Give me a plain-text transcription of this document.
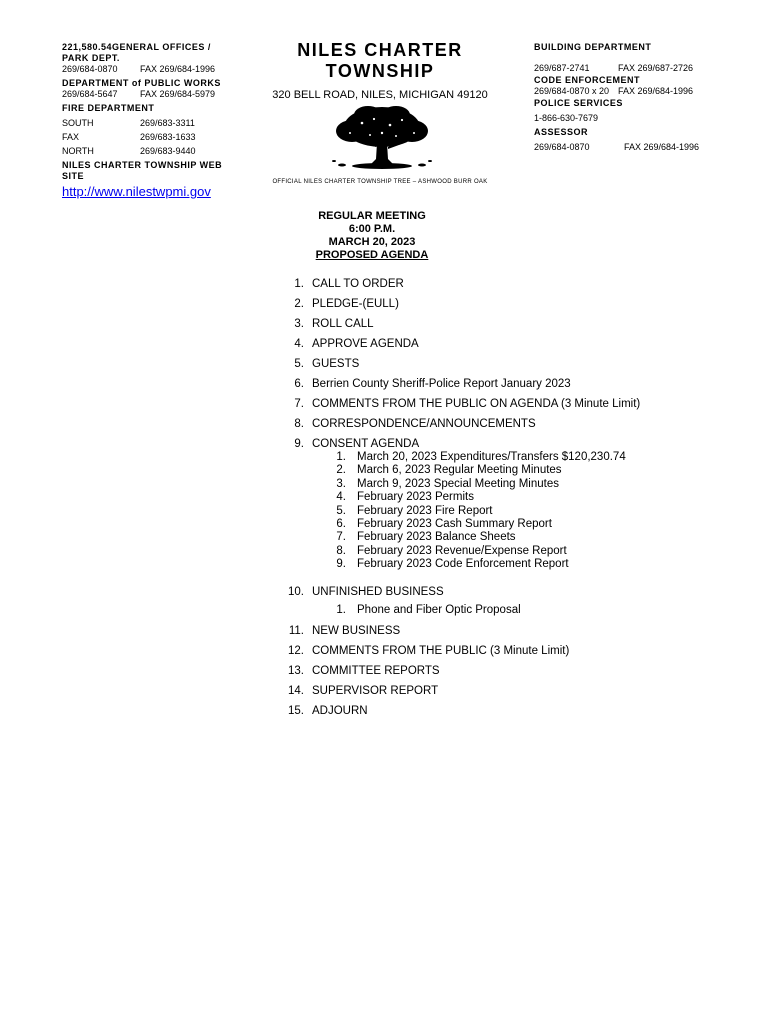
221,580.54GENERAL OFFICES /
PARK DEPT.
269/684-0870 FAX 269/684-1996
DEPARTMENT of PUBLIC WORKS
269/684-5647 FAX 269/684-5979
FIRE DEPARTMENT
SOUTH	269/683-3311
FAX	269/683-1633
NORTH	269/683-9440
NILES CHARTER TOWNSHIP WEB
SITE
http://www.nilestwpmi.gov
NILES CHARTER TOWNSHIP
320 BELL ROAD, NILES, MICHIGAN 49120
OFFICIAL NILES CHARTER TOWNSHIP TREE – ASHWOOD BURR OAK
BUILDING DEPARTMENT
269/687-2741	FAX 269/687-2726
CODE ENFORCEMENT
269/684-0870 x 20 FAX 269/684-1996
POLICE SERVICES
1-866-630-7679
ASSESSOR
269/684-0870	FAX 269/684-1996
REGULAR MEETING
6:00 P.M.
MARCH 20, 2023
PROPOSED AGENDA
1. CALL TO ORDER
2. PLEDGE-(EULL)
3. ROLL CALL
4. APPROVE AGENDA
5. GUESTS
6. Berrien County Sheriff-Police Report January 2023
7. COMMENTS FROM THE PUBLIC ON AGENDA (3 Minute Limit)
8. CORRESPONDENCE/ANNOUNCEMENTS
9. CONSENT AGENDA
1. March 20, 2023 Expenditures/Transfers $120,230.74
2. March 6, 2023 Regular Meeting Minutes
3. March 9, 2023 Special Meeting Minutes
4. February 2023 Permits
5. February 2023 Fire Report
6. February 2023 Cash Summary Report
7. February 2023 Balance Sheets
8. February 2023 Revenue/Expense Report
9. February 2023 Code Enforcement Report
10. UNFINISHED BUSINESS
1. Phone and Fiber Optic Proposal
11. NEW BUSINESS
12. COMMENTS FROM THE PUBLIC (3 Minute Limit)
13. COMMITTEE REPORTS
14. SUPERVISOR REPORT
15. ADJOURN
